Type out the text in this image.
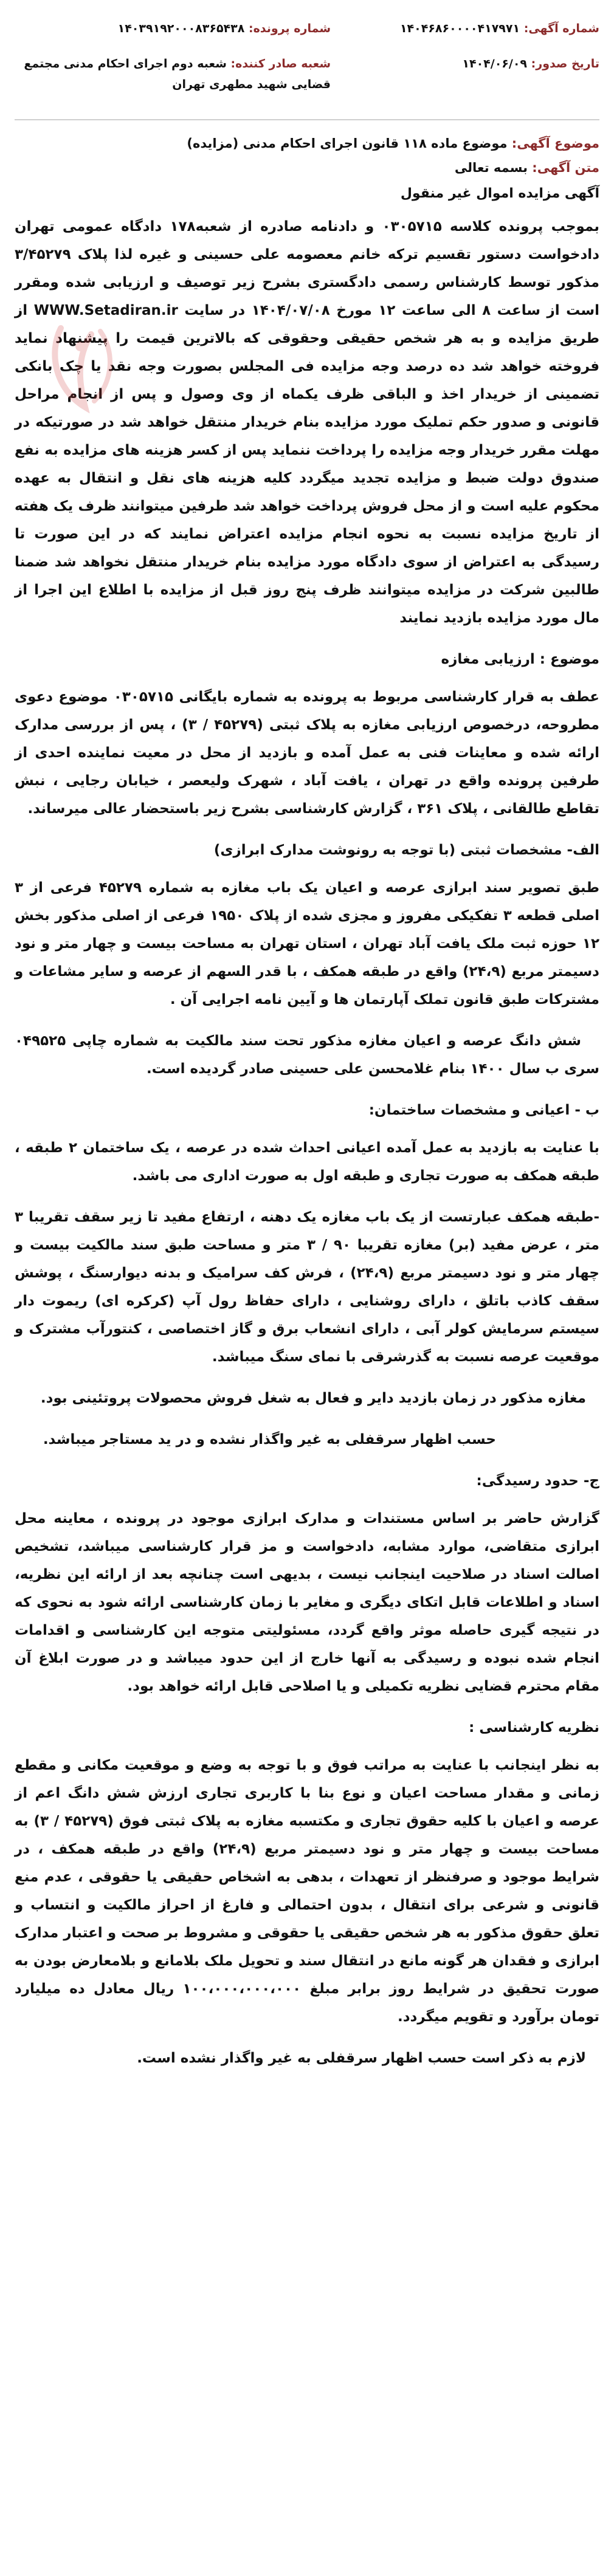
شماره آگهی: ۱۴۰۴۶۸۶۰۰۰۰۴۱۷۹۷۱
تاریخ صدور: ۱۴۰۴/۰۶/۰۹
شماره پرونده: ۱۴۰۳۹۱۹۲۰۰۰۸۳۶۵۴۳۸
شعبه صادر کننده: شعبه دوم اجرای احکام مدنی مجتمع قضایی شهید مطهری تهران

موضوع آگهی: موضوع ماده ۱۱۸ قانون اجرای احکام مدنی (مزایده)

متن آگهی: بسمه تعالی

آگهی مزایده اموال غیر منقول

بموجب پرونده کلاسه ۰۳۰۵۷۱۵ و دادنامه صادره از شعبه۱۷۸ دادگاه عمومی تهران دادخواست دستور تقسیم ترکه خانم معصومه علی حسینی و غیره لذا پلاک ۳/۴۵۲۷۹ مذکور توسط کارشناس رسمی دادگستری بشرح زیر توصیف و ارزیابی شده ومقرر است از ساعت ۸ الی ساعت ۱۲ مورخ ۱۴۰۴/۰۷/۰۸ در سایت WWW.Setadiran.ir از طریق مزایده و به هر شخص حقیقی وحقوقی که بالاترین قیمت را پیشنهاد نماید فروخته خواهد شد ده درصد وجه مزایده فی المجلس بصورت وجه نقد یا چک بانکی تضمینی از خریدار اخذ و الباقی ظرف یکماه از وی وصول و پس از انجام مراحل قانونی و صدور حکم تملیک مورد مزایده بنام خریدار منتقل خواهد شد در صورتیکه در مهلت مقرر خریدار وجه مزایده را پرداخت ننماید پس از کسر هزینه های مزایده به نفع صندوق دولت ضبط و مزایده تجدید میگردد کلیه هزینه های نقل و انتقال به عهده محکوم علیه است و از محل فروش پرداخت خواهد شد طرفین میتوانند ظرف یک هفته از تاریخ مزایده نسبت به نحوه انجام مزایده اعتراض نمایند که در این صورت تا رسیدگی به اعتراض از سوی دادگاه مورد مزایده بنام خریدار منتقل نخواهد شد ضمنا طالبین شرکت در مزایده میتوانند ظرف پنج روز قبل از مزایده با اطلاع این اجرا از مال مورد مزایده بازدید نمایند

موضوع : ارزیابی مغازه

عطف به قرار کارشناسی مربوط به پرونده به شماره بایگانی ۰۳۰۵۷۱۵ موضوع دعوی مطروحه، درخصوص ارزیابی مغازه به پلاک ثبتی (۴۵۲۷۹ / ۳) ، پس از بررسی مدارک ارائه شده و معاینات فنی به عمل آمده و بازدید از محل در معیت نماینده احدی از طرفین پرونده واقع در تهران ، یافت آباد ، شهرک ولیعصر ، خیابان رجایی ، نبش تقاطع طالقانی ، پلاک ۳۶۱ ، گزارش کارشناسی بشرح زیر باستحضار عالی میرساند.

الف- مشخصات ثبتی (با توجه به رونوشت مدارک ابرازی)

طبق تصویر سند ابرازی عرصه و اعیان یک باب مغازه به شماره ۴۵۲۷۹ فرعی از ۳ اصلی قطعه ۳ تفکیکی مفروز و مجزی شده از پلاک ۱۹۵۰ فرعی از اصلی مذکور بخش ۱۲ حوزه ثبت ملک یافت آباد تهران ، استان تهران به مساحت بیست و چهار متر و نود دسیمتر مربع (۲۴،۹) واقع در طبقه همکف ، با قدر السهم از عرصه و سایر مشاعات و مشترکات طبق قانون تملک آپارتمان ها و آیین نامه اجرایی آن .

شش دانگ عرصه و اعیان مغازه مذکور تحت سند مالکیت به شماره چاپی ۰۴۹۵۲۵ سری ب سال ۱۴۰۰ بنام غلامحسن علی حسینی صادر گردیده است.

ب - اعیانی و مشخصات ساختمان:

با عنایت به بازدید به عمل آمده اعیانی احداث شده در عرصه ، یک ساختمان ۲ طبقه ، طبقه همکف به صورت تجاری و طبقه اول به صورت اداری می باشد.

-طبقه همکف عبارتست از یک باب مغازه یک دهنه ، ارتفاع مفید تا زیر سقف تقریبا ۳ متر ، عرض مفید (بر) مغازه تقریبا ۹۰ / ۳ متر و مساحت طبق سند مالکیت بیست و چهار متر و نود دسیمتر مربع (۲۴،۹) ، فرش کف سرامیک و بدنه دیوارسنگ ، پوشش سقف کاذب باتلق ، دارای روشنایی ، دارای حفاظ رول آپ (کرکره ای) ریموت دار سیستم سرمایش کولر آبی ، دارای انشعاب برق و گاز اختصاصی ، کنتورآب مشترک و موقعیت عرصه نسبت به گذرشرقی با نمای سنگ میباشد.

مغازه مذکور در زمان بازدید دایر و فعال به شغل فروش محصولات پروتئینی بود.

حسب اظهار سرقفلی به غیر واگذار نشده و در ید مستاجر میباشد.

ج- حدود رسیدگی:

گزارش حاضر بر اساس مستندات و مدارک ابرازی موجود در پرونده ، معاینه محل ابرازی متقاضی، موارد مشابه، دادخواست و مز قرار کارشناسی میباشد، تشخیص اصالت اسناد در صلاحیت اینجانب نیست ، بدیهی است چنانچه بعد از ارائه این نظریه، اسناد و اطلاعات قابل اتکای دیگری و مغایر با زمان کارشناسی ارائه شود به نحوی که در نتیجه گیری حاصله موثر واقع گردد، مسئولیتی متوجه این کارشناسی و اقدامات انجام شده نبوده و رسیدگی به آنها خارج از این حدود میباشد و در صورت ابلاغ آن مقام محترم قضایی نظریه تکمیلی و یا اصلاحی قابل ارائه خواهد بود.

نظریه کارشناسی :

به نظر اینجانب با عنایت به مراتب فوق و با توجه به وضع و موقعیت مکانی و مقطع زمانی و مقدار مساحت اعیان و نوع بنا با کاربری تجاری ارزش شش دانگ اعم از عرصه و اعیان با کلیه حقوق تجاری و مکتسبه مغازه به پلاک ثبتی فوق (۴۵۲۷۹ / ۳) به مساحت بیست و چهار متر و نود دسیمتر مربع (۲۴،۹) واقع در طبقه همکف ، در شرایط موجود و صرفنظر از تعهدات ، بدهی به اشخاص حقیقی یا حقوقی ، عدم منع قانونی و شرعی برای انتقال ، بدون احتمالی و فارغ از احراز مالکیت و انتساب و تعلق حقوق مذکور به هر شخص حقیقی یا حقوقی و مشروط بر صحت و اعتبار مدارک ابرازی و فقدان هر گونه مانع در انتقال سند و تحویل ملک بلامانع و بلامعارض بودن به صورت تحقیق در شرایط روز برابر مبلغ ۱۰۰،۰۰۰،۰۰۰،۰۰۰ ریال معادل ده میلیارد تومان برآورد و تقویم میگردد.

لازم به ذکر است حسب اظهار سرقفلی به غیر واگذار نشده است.
